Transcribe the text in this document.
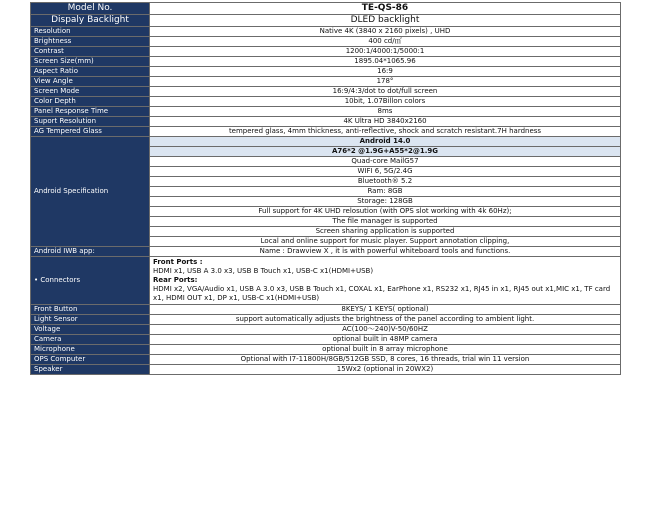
Model No.	TE-QS-86
Dispaly Backlight	DLED backlight
Resolution	Native 4K (3840 x 2160 pixels) , UHD
Brightness	400 cd/㎡
Contrast	1200:1/4000:1/5000:1
Screen Size(mm)	1895.04*1065.96
Aspect Ratio	16:9
View Angle	178°
Screen Mode	16:9/4:3/dot to dot/full screen
Color Depth	10bit, 1.07Billon colors
Panel Response Time	8ms
Suport Resolution	4K Ultra HD 3840x2160
AG Tempered Glass	tempered glass, 4mm thickness, anti-reflective, shock and scratch resistant.7H hardness
Android Specification	Android 14.0
	A76*2 @1.9G+A55*2@1.9G
	Quad-core MailG57
	WIFI 6, 5G/2.4G
	Bluetooth® 5.2
	Ram: 8GB
	Storage: 128GB
	Full support for 4K UHD relosution (with OPS slot working with 4k 60Hz);
	The file manager is supported
	Screen sharing application is supported
	Local and online support for music player. Support annotation clipping,
Android IWB app:	Name : Drawview X , it is with powerful whiteboard tools and functions.
• Connectors	Front Ports :
HDMI x1, USB A 3.0 x3, USB B Touch x1, USB-C x1(HDMI+USB)
Rear Ports:
HDMI x2, VGA/Audio x1, USB A 3.0 x3, USB B Touch x1, COXAL x1, EarPhone x1, RS232 x1, RJ45 in x1, RJ45 out x1,MIC x1, TF card x1, HDMI OUT x1, DP x1, USB-C x1(HDMI+USB)

Front Button	8KEYS/ 1 KEYS( optional)
Light Sensor	support automatically adjusts the brightness of the panel according to ambient light.
Voltage	AC(100～240)V-50/60HZ
Camera	optional built in 48MP camera
Microphone	optional built in 8 array microphone
OPS Computer	Optional with I7-11800H/8GB/512GB SSD, 8 cores, 16 threads, trial win 11 version
Speaker	15Wx2 (optional in 20WX2)
